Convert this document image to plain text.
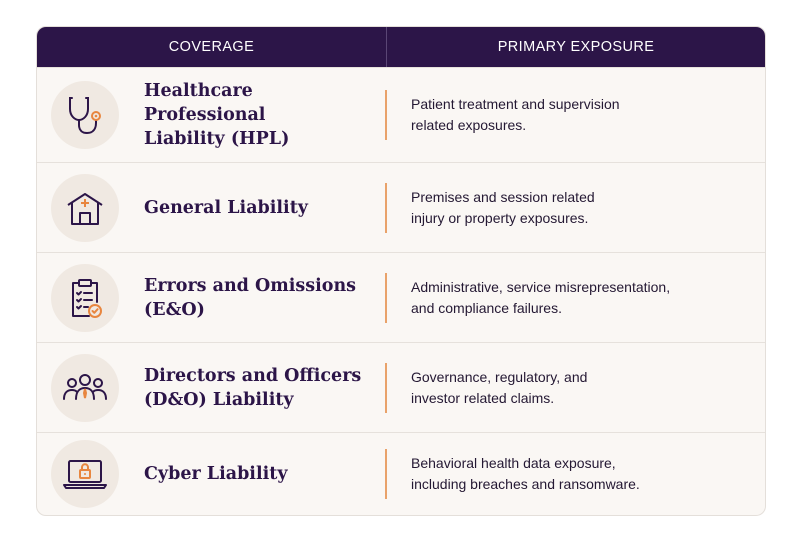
COVERAGE	PRIMARY EXPOSURE
Healthcare Professional
Liability (HPL)
Patient treatment and supervision
related exposures.
General Liability
Premises and session related
injury or property exposures.
Errors and Omissions
(E&O)
Administrative, service misrepresentation,
and compliance failures.
Directors and Officers
(D&O) Liability
Governance, regulatory, and
investor related claims.
Cyber Liability
Behavioral health data exposure,
including breaches and ransomware.
